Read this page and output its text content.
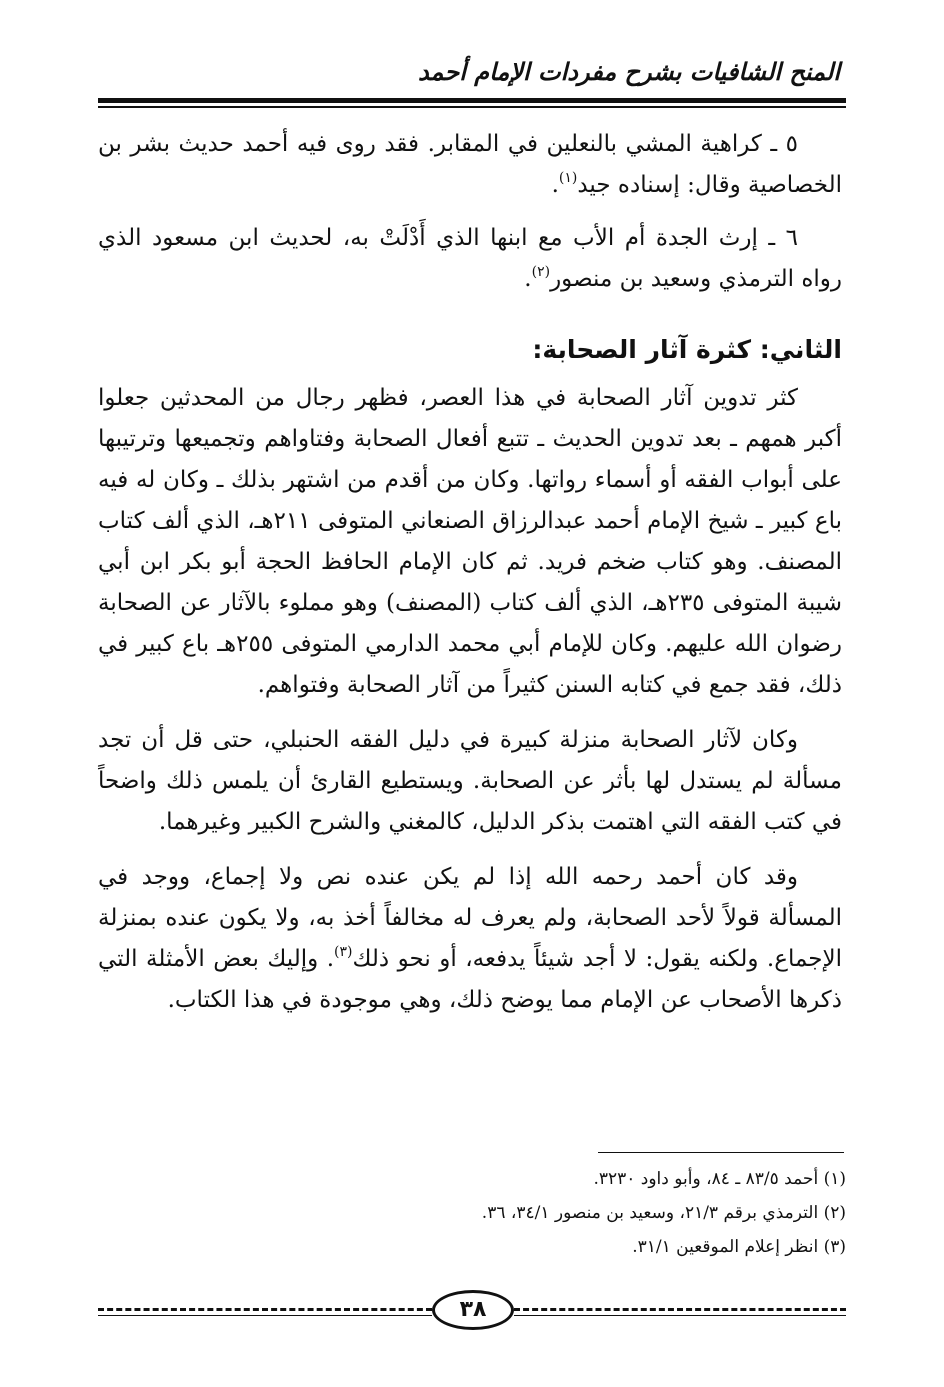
المنح الشافيات بشرح مفردات الإمام أحمد

٥ ـ كراهية المشي بالنعلين في المقابر. فقد روى فيه أحمد حديث بشر بن الخصاصية وقال: إسناده جيد$^{(١)}$.

٦ ـ إرث الجدة أم الأب مع ابنها الذي أَدْلَتْ به، لحديث ابن مسعود الذي رواه الترمذي وسعيد بن منصور$^{(٢)}$.

الثاني: كثرة آثار الصحابة:

كثر تدوين آثار الصحابة في هذا العصر، فظهر رجال من المحدثين جعلوا أكبر همهم ـ بعد تدوين الحديث ـ تتبع أفعال الصحابة وفتاواهم وتجميعها وترتيبها على أبواب الفقه أو أسماء رواتها. وكان من أقدم من اشتهر بذلك ـ وكان له فيه باع كبير ـ شيخ الإمام أحمد عبدالرزاق الصنعاني المتوفى ٢١١هـ، الذي ألف كتاب المصنف. وهو كتاب ضخم فريد. ثم كان الإمام الحافظ الحجة أبو بكر ابن أبي شيبة المتوفى ٢٣٥هـ، الذي ألف كتاب (المصنف) وهو مملوء بالآثار عن الصحابة رضوان الله عليهم. وكان للإمام أبي محمد الدارمي المتوفى ٢٥٥هـ باع كبير في ذلك، فقد جمع في كتابه السنن كثيراً من آثار الصحابة وفتواهم.

وكان لآثار الصحابة منزلة كبيرة في دليل الفقه الحنبلي، حتى قل أن تجد مسألة لم يستدل لها بأثر عن الصحابة. ويستطيع القارئ أن يلمس ذلك واضحاً في كتب الفقه التي اهتمت بذكر الدليل، كالمغني والشرح الكبير وغيرهما.

وقد كان أحمد رحمه الله إذا لم يكن عنده نص ولا إجماع، ووجد في المسألة قولاً لأحد الصحابة، ولم يعرف له مخالفاً أخذ به، ولا يكون عنده بمنزلة الإجماع. ولكنه يقول: لا أجد شيئاً يدفعه، أو نحو ذلك$^{(٣)}$. وإليك بعض الأمثلة التي ذكرها الأصحاب عن الإمام مما يوضح ذلك، وهي موجودة في هذا الكتاب.

(١) أحمد ٨٣/٥ ـ ٨٤، وأبو داود ٣٢٣٠.
(٢) الترمذي برقم ٢١/٣، وسعيد بن منصور ٣٤/١، ٣٦.
(٣) انظر إعلام الموقعين ٣١/١.
٣٨
